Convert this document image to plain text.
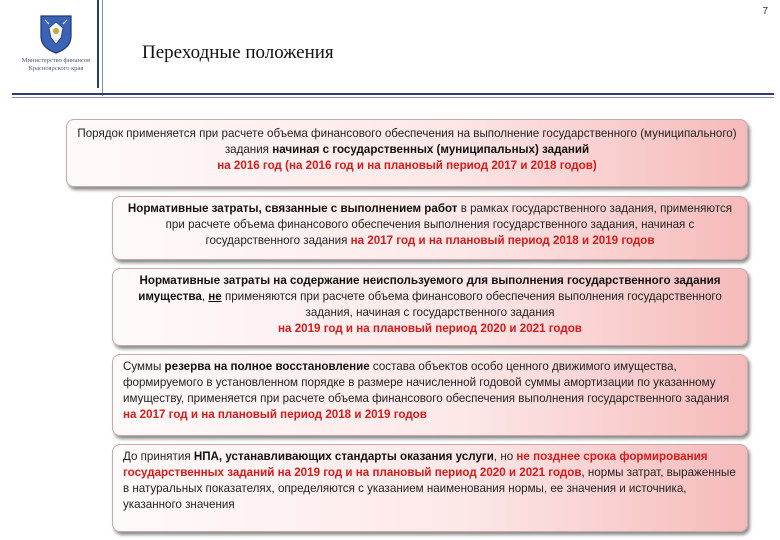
Министерство финансов
Красноярского края
7
Переходные положения
Порядок применяется при расчете объема финансового обеспечения на выполнение государственного (муниципального) задания начиная с государственных (муниципальных) заданий
на 2016 год (на 2016 год и на плановый период 2017 и 2018 годов)
Нормативные затраты, связанные с выполнением работ в рамках государственного задания, применяются при расчете объема финансового обеспечения выполнения государственного задания, начиная с государственного задания на 2017 год и на плановый период 2018 и 2019 годов
Нормативные затраты на содержание неиспользуемого для выполнения государственного задания имущества, не применяются при расчете объема финансового обеспечения выполнения государственного задания, начиная с государственного задания
на 2019 год и на плановый период 2020 и 2021 годов
Суммы резерва на полное восстановление состава объектов особо ценного движимого имущества, формируемого в установленном порядке в размере начисленной годовой суммы амортизации по указанному имуществу, применяется при расчете объема финансового обеспечения выполнения государственного задания на 2017 год и на плановый период 2018 и 2019 годов
До принятия НПА, устанавливающих стандарты оказания услуги, но не позднее срока формирования государственных заданий на 2019 год и на плановый период 2020 и 2021 годов, нормы затрат, выраженные в натуральных показателях, определяются с указанием наименования нормы, ее значения и источника, указанного значения
